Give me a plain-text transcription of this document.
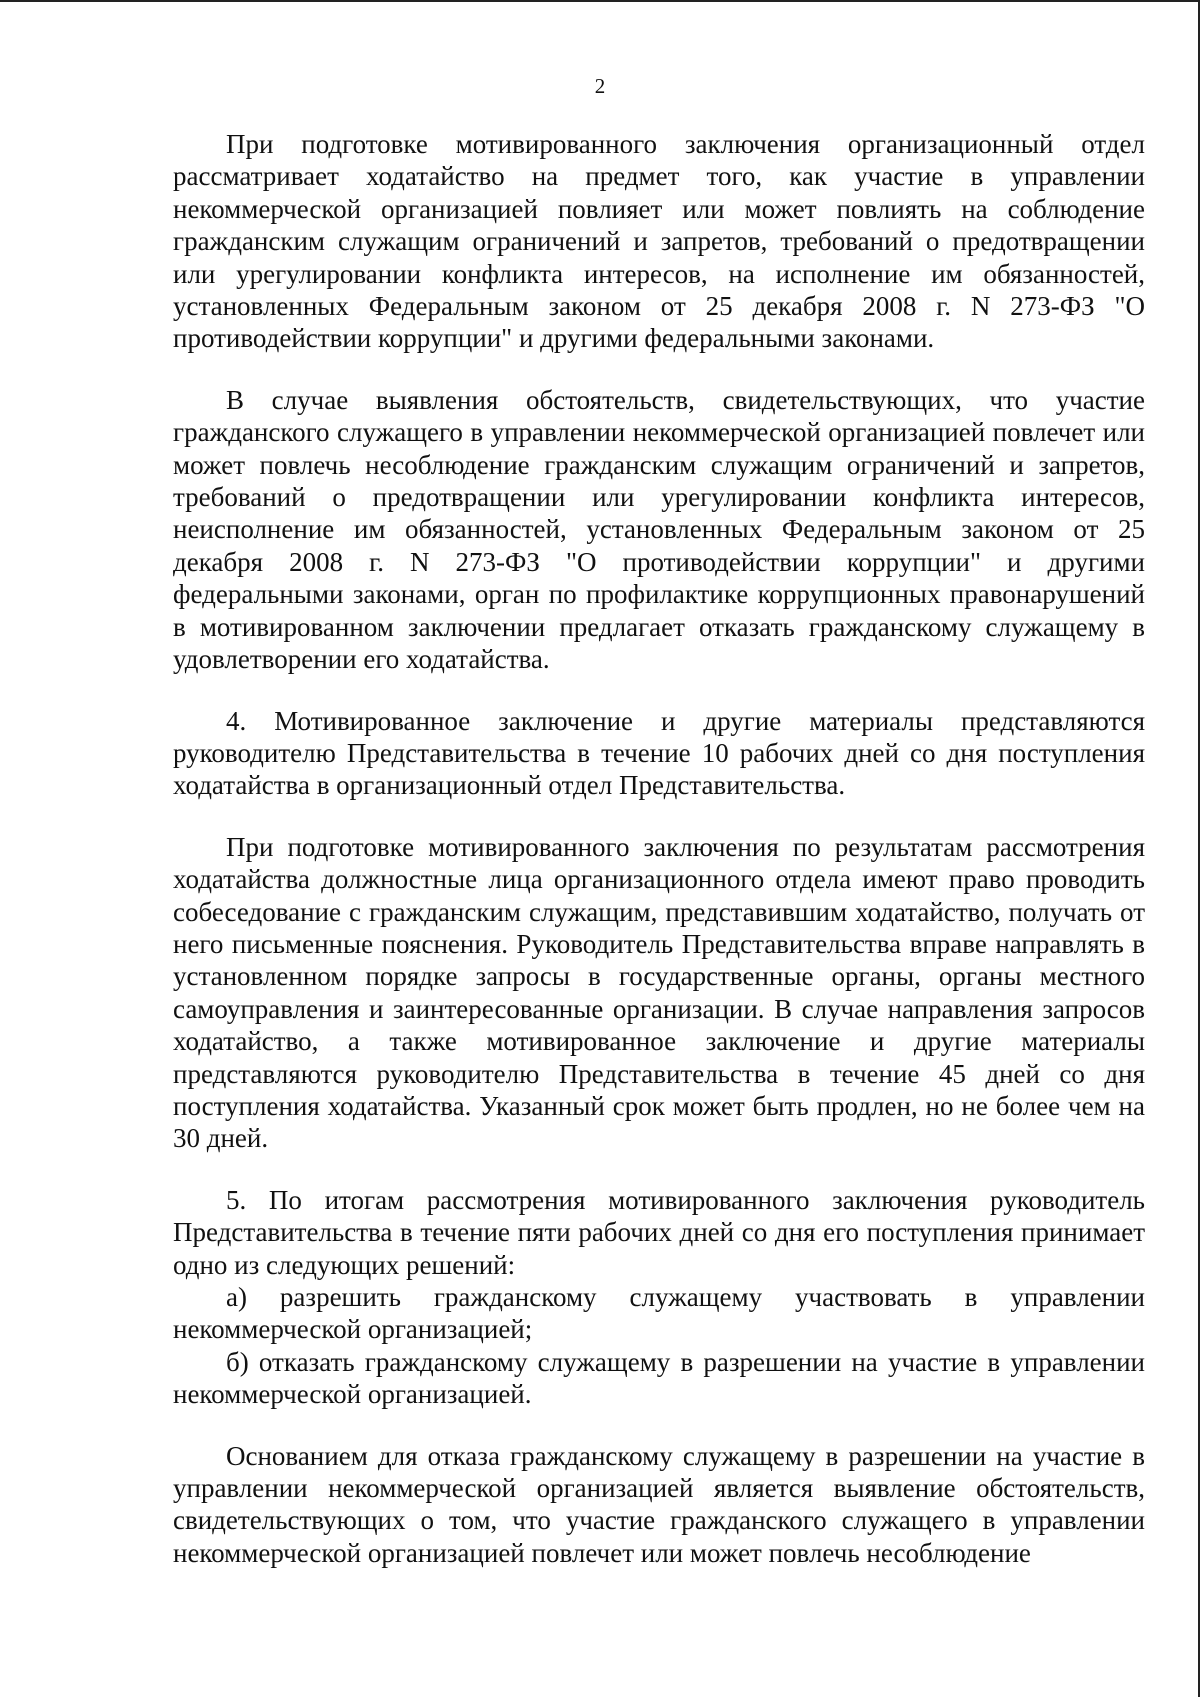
2

При подготовке мотивированного заключения организационный отдел рассматривает ходатайство на предмет того, как участие в управлении некоммерческой организацией повлияет или может повлиять на соблюдение гражданским служащим ограничений и запретов, требований о предотвращении или урегулировании конфликта интересов, на исполнение им обязанностей, установленных Федеральным законом от 25 декабря 2008 г. N 273-ФЗ "О противодействии коррупции" и другими федеральными законами.

В случае выявления обстоятельств, свидетельствующих, что участие гражданского служащего в управлении некоммерческой организацией повлечет или может повлечь несоблюдение гражданским служащим ограничений и запретов, требований о предотвращении или урегулировании конфликта интересов, неисполнение им обязанностей, установленных Федеральным законом от 25 декабря 2008 г. N 273-ФЗ "О противодействии коррупции" и другими федеральными законами, орган по профилактике коррупционных правонарушений в мотивированном заключении предлагает отказать гражданскому служащему в удовлетворении его ходатайства.

4. Мотивированное заключение и другие материалы представляются руководителю Представительства в течение 10 рабочих дней со дня поступления ходатайства в организационный отдел Представительства.

При подготовке мотивированного заключения по результатам рассмотрения ходатайства должностные лица организационного отдела имеют право проводить собеседование с гражданским служащим, представившим ходатайство, получать от него письменные пояснения. Руководитель Представительства вправе направлять в установленном порядке запросы в государственные органы, органы местного самоуправления и заинтересованные организации. В случае направления запросов ходатайство, а также мотивированное заключение и другие материалы представляются руководителю Представительства в течение 45 дней со дня поступления ходатайства. Указанный срок может быть продлен, но не более чем на 30 дней.

5. По итогам рассмотрения мотивированного заключения руководитель Представительства в течение пяти рабочих дней со дня его поступления принимает одно из следующих решений:

а) разрешить гражданскому служащему участвовать в управлении некоммерческой организацией;

б) отказать гражданскому служащему в разрешении на участие в управлении некоммерческой организацией.

Основанием для отказа гражданскому служащему в разрешении на участие в управлении некоммерческой организацией является выявление обстоятельств, свидетельствующих о том, что участие гражданского служащего в управлении некоммерческой организацией повлечет или может повлечь несоблюдение
